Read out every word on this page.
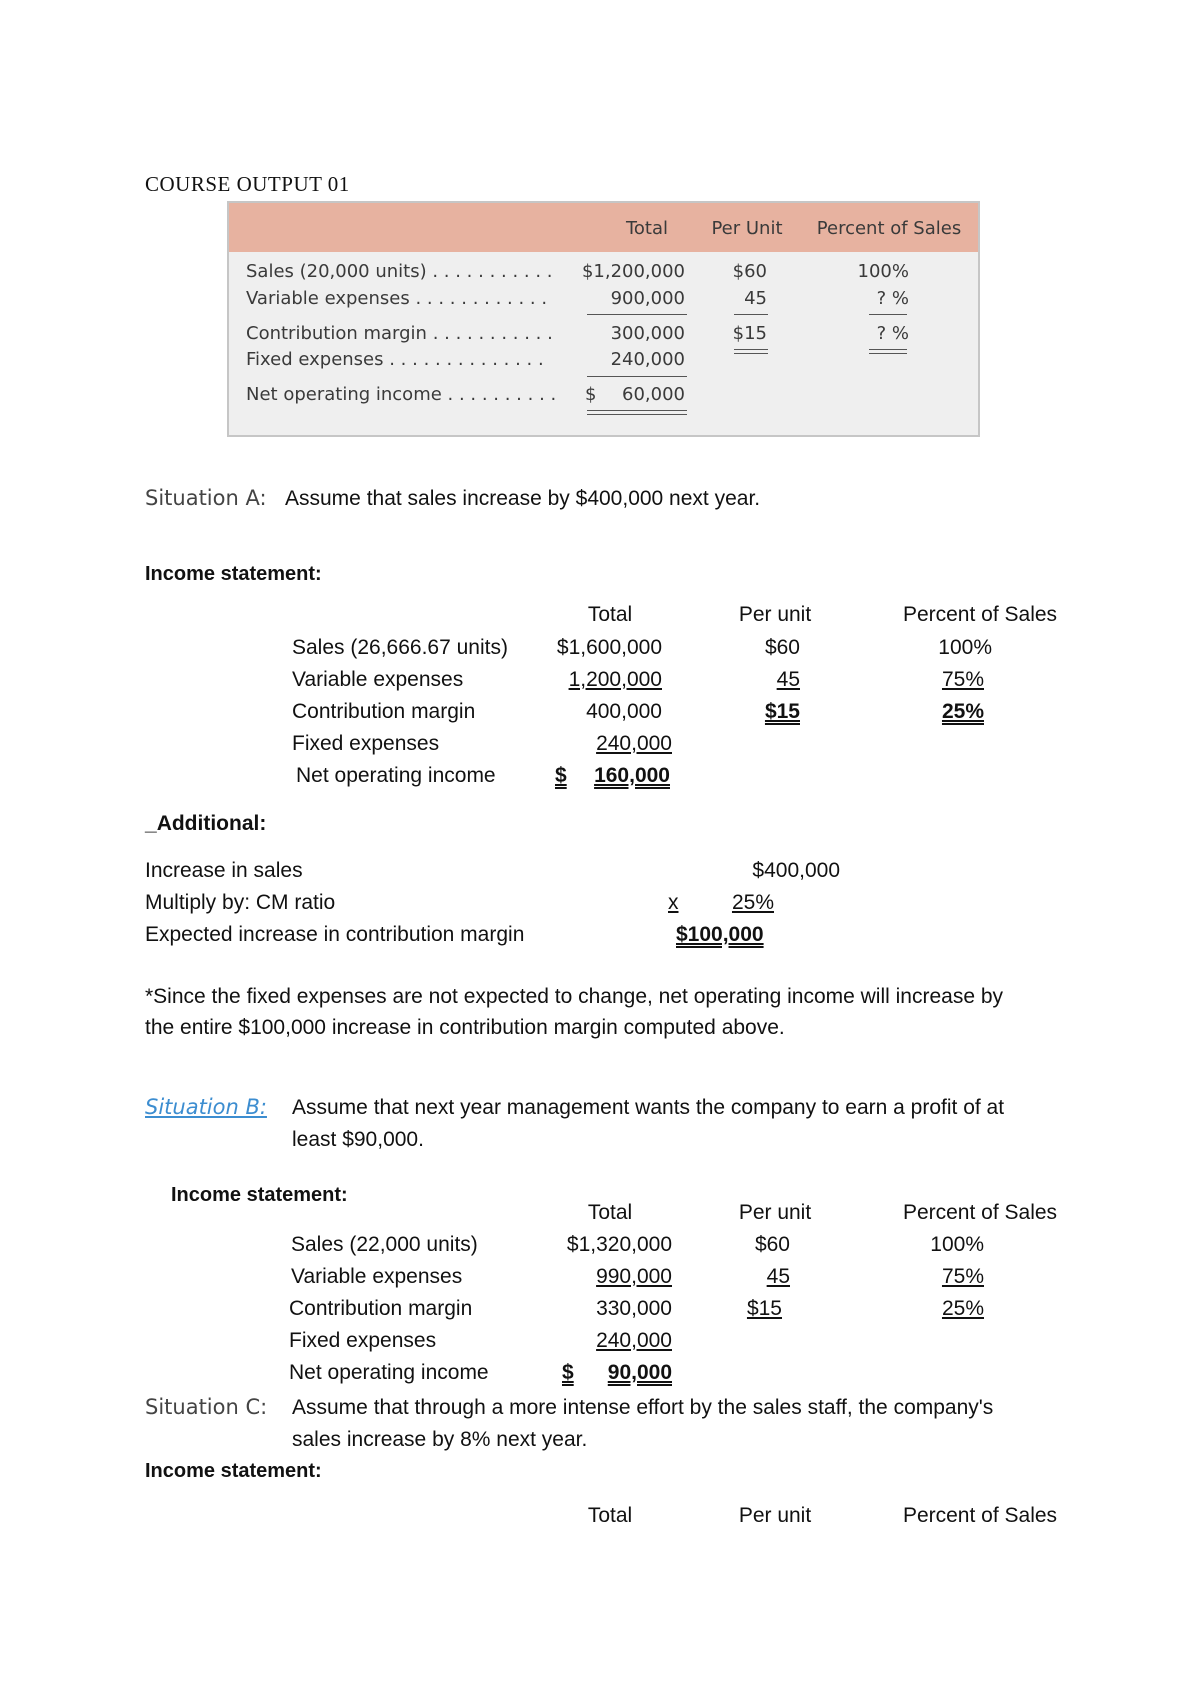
COURSE OUTPUT 01
Total	Per Unit	Percent of Sales
Sales (20,000 units) . . . . . . . . . . .	$1,200,000	$60	100%
Variable expenses . . . . . . . . . . . .	900,000	45	? %
Contribution margin . . . . . . . . . . .	300,000	$15	? %
Fixed expenses . . . . . . . . . . . . . .	240,000
Net operating income . . . . . . . . . . $	60,000
Situation A: Assume that sales increase by $400,000 next year.
Income statement:
Total	Per unit	Percent of Sales
Sales (26,666.67 units)	$1,600,000	$60	100%
Variable expenses	1,200,000	45	75%
Contribution margin	400,000	$15	25%
Fixed expenses	240,000
Net operating income	$	160,000
_Additional:
Increase in sales	$400,000
Multiply by: CM ratio	x	25%
Expected increase in contribution margin	$100,000
*Since the fixed expenses are not expected to change, net operating income will increase by
the entire $100,000 increase in contribution margin computed above.
Situation B: Assume that next year management wants the company to earn a profit of at
least $90,000.
Income statement:
Total	Per unit	Percent of Sales
Sales (22,000 units)	$1,320,000	$60	100%
Variable expenses	990,000	45	75%
Contribution margin	330,000	$15	25%
Fixed expenses	240,000
Net operating income	$	90,000
Situation C: Assume that through a more intense effort by the sales staff, the company's
sales increase by 8% next year.
Income statement:
Total	Per unit	Percent of Sales
